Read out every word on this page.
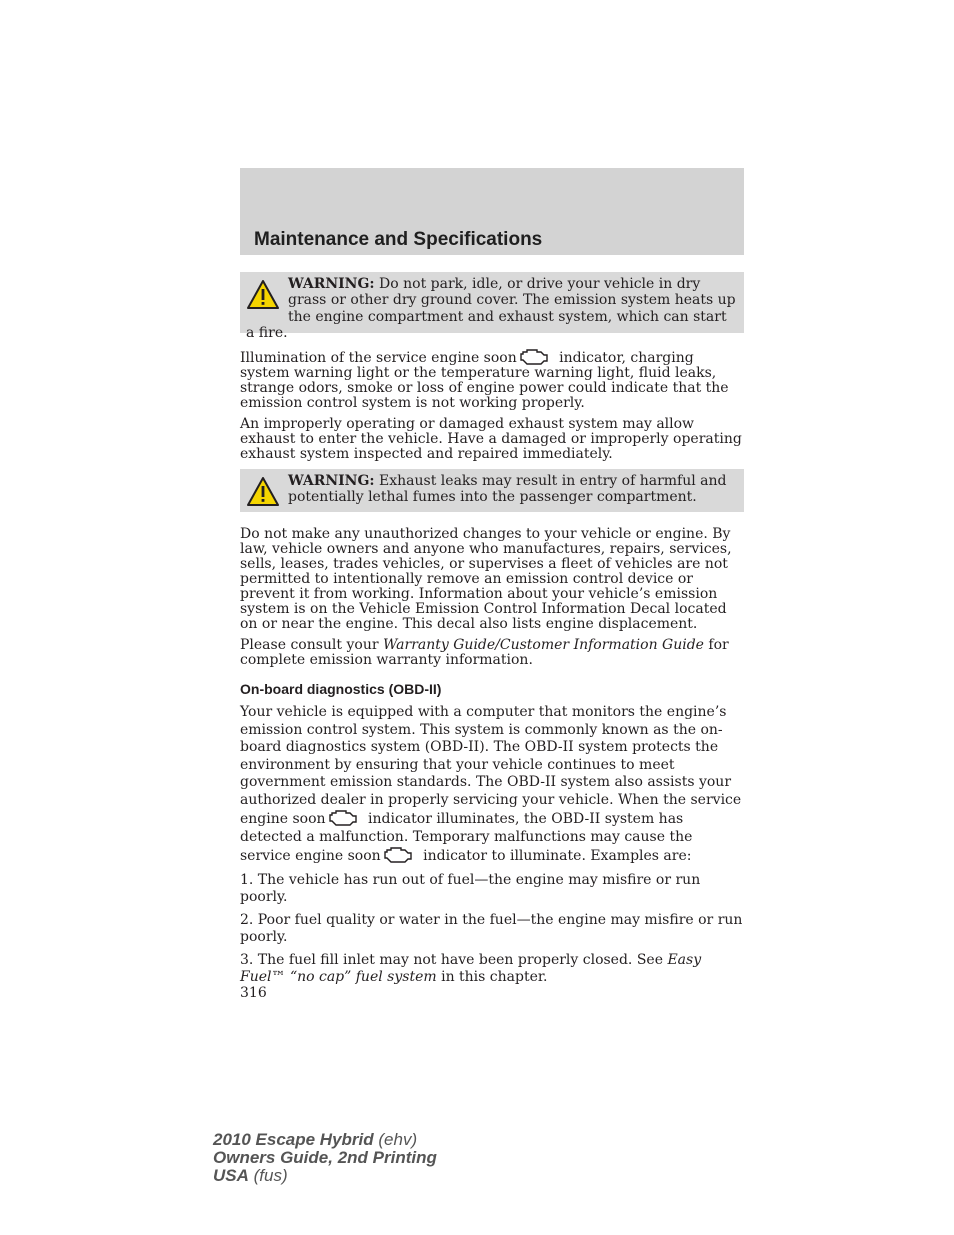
Maintenance and Specifications
WARNING: Do not park, idle, or drive your vehicle in dry grass or other dry ground cover. The emission system heats up the engine compartment and exhaust system, which can start a fire.

Illumination of the service engine soon	indicator, charging system warning light or the temperature warning light, fluid leaks, strange odors, smoke or loss of engine power could indicate that the emission control system is not working properly.

An improperly operating or damaged exhaust system may allow exhaust to enter the vehicle. Have a damaged or improperly operating exhaust system inspected and repaired immediately.

WARNING: Exhaust leaks may result in entry of harmful and potentially lethal fumes into the passenger compartment.

Do not make any unauthorized changes to your vehicle or engine. By law, vehicle owners and anyone who manufactures, repairs, services, sells, leases, trades vehicles, or supervises a fleet of vehicles are not permitted to intentionally remove an emission control device or prevent it from working. Information about your vehicle’s emission system is on the Vehicle Emission Control Information Decal located on or near the engine. This decal also lists engine displacement.

Please consult your Warranty Guide/Customer Information Guide for complete emission warranty information.

On-board diagnostics (OBD-II)

Your vehicle is equipped with a computer that monitors the engine’s emission control system. This system is commonly known as the on-board diagnostics system (OBD-II). The OBD-II system protects the environment by ensuring that your vehicle continues to meet government emission standards. The OBD-II system also assists your authorized dealer in properly servicing your vehicle. When the service engine soon	indicator illuminates, the OBD-II system has detected a malfunction. Temporary malfunctions may cause the service engine soon	indicator to illuminate. Examples are:

1. The vehicle has run out of fuel—the engine may misfire or run poorly.

2. Poor fuel quality or water in the fuel—the engine may misfire or run poorly.

3. The fuel fill inlet may not have been properly closed. See Easy Fuel™ “no cap” fuel system in this chapter.

316
2010 Escape Hybrid (ehv)
Owners Guide, 2nd Printing
USA (fus)
